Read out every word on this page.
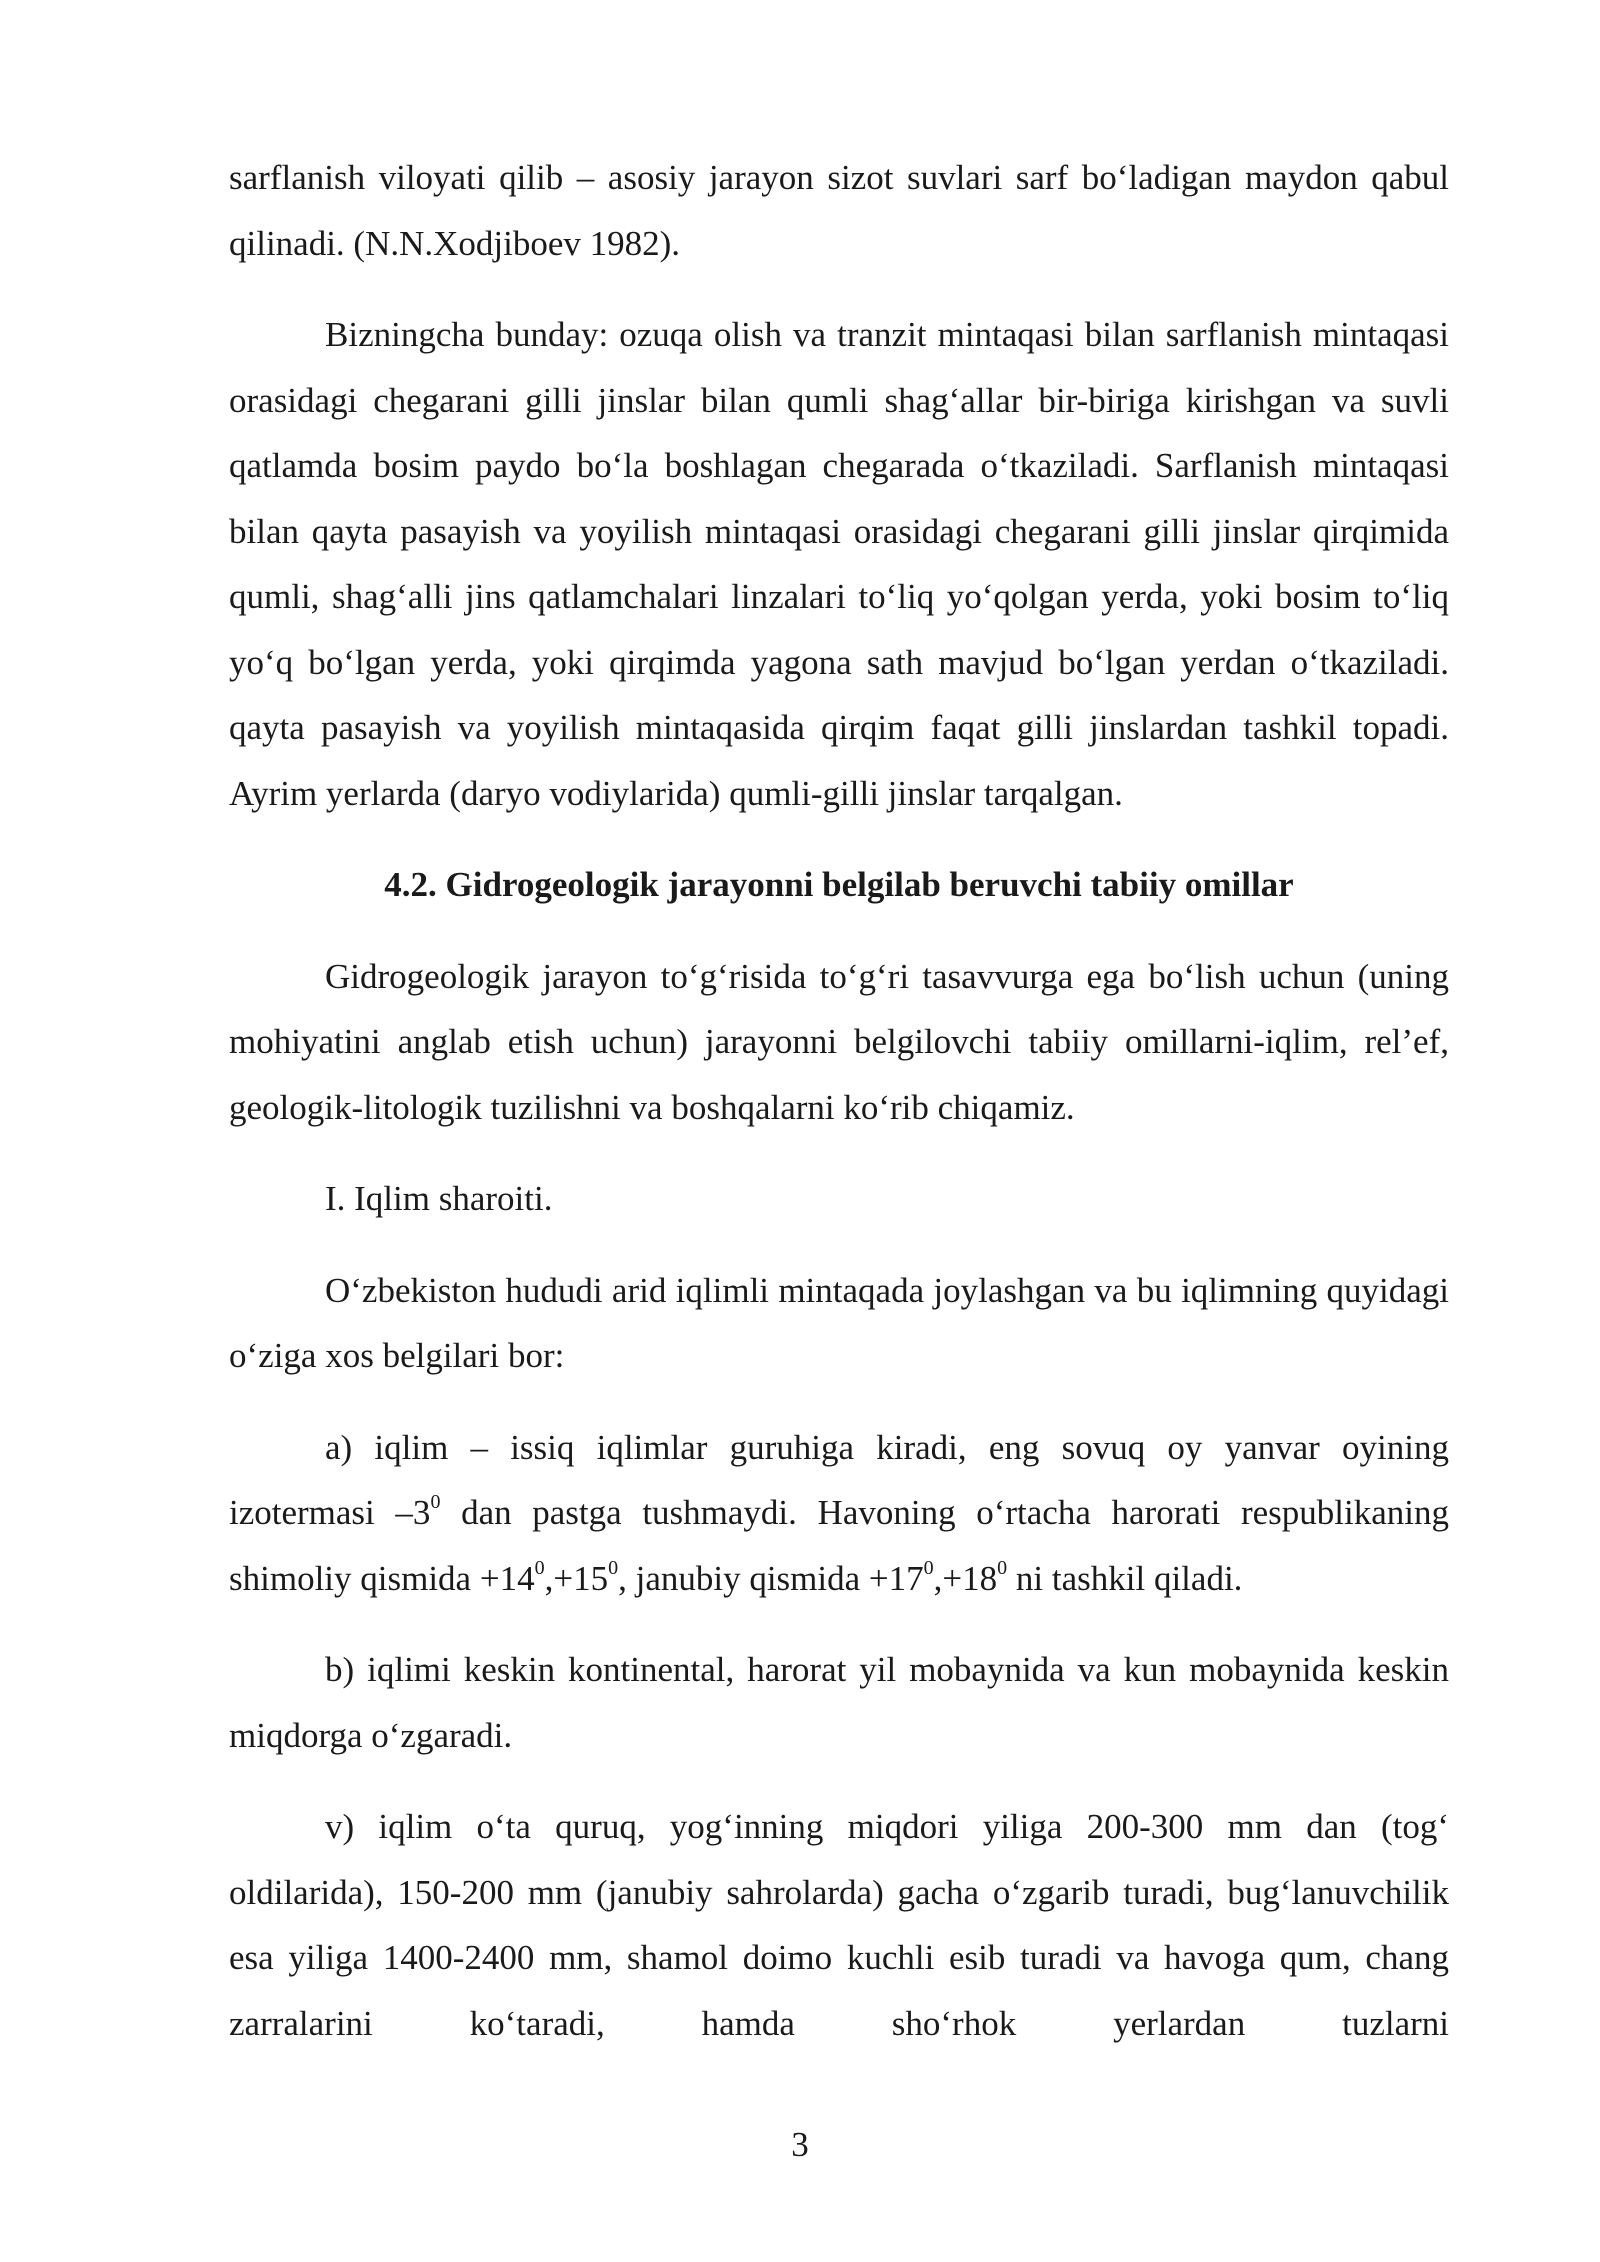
sarflanish viloyati qilib – asosiy jarayon sizot suvlari sarf bo‘ladigan maydon qabul qilinadi. (N.N.Xodjiboev 1982).

Bizningcha bunday: ozuqa olish va tranzit mintaqasi bilan sarflanish mintaqasi orasidagi chegarani gilli jinslar bilan qumli shag‘allar bir-biriga kirishgan va suvli qatlamda bosim paydo bo‘la boshlagan chegarada o‘tkaziladi. Sarflanish mintaqasi bilan qayta pasayish va yoyilish mintaqasi orasidagi chegarani gilli jinslar qirqimida qumli, shag‘alli jins qatlamchalari linzalari to‘liq yo‘qolgan yerda, yoki bosim to‘liq yo‘q bo‘lgan yerda, yoki qirqimda yagona sath mavjud bo‘lgan yerdan o‘tkaziladi. qayta pasayish va yoyilish mintaqasida qirqim faqat gilli jinslardan tashkil topadi. Ayrim yerlarda (daryo vodiylarida) qumli-gilli jinslar tarqalgan.

4.2. Gidrogeologik jarayonni belgilab beruvchi tabiiy omillar

Gidrogeologik jarayon to‘g‘risida to‘g‘ri tasavvurga ega bo‘lish uchun (uning mohiyatini anglab etish uchun) jarayonni belgilovchi tabiiy omillarni-iqlim, rel’ef, geologik-litologik tuzilishni va boshqalarni ko‘rib chiqamiz.

I. Iqlim sharoiti.

O‘zbekiston hududi arid iqlimli mintaqada joylashgan va bu iqlimning quyidagi o‘ziga xos belgilari bor:

a) iqlim – issiq iqlimlar guruhiga kiradi, eng sovuq oy yanvar oyining izotermasi $-3^0$ dan pastga tushmaydi. Havoning o‘rtacha harorati respublikaning shimoliy qismida $+14^0,+15^0$, janubiy qismida $+17^0,+18^0$ ni tashkil qiladi.

b) iqlimi keskin kontinental, harorat yil mobaynida va kun mobaynida keskin miqdorga o‘zgaradi.

v) iqlim o‘ta quruq, yog‘inning miqdori yiliga 200-300 mm dan (tog‘ oldilarida), 150-200 mm (janubiy sahrolarda) gacha o‘zgarib turadi, bug‘lanuvchilik esa yiliga 1400-2400 mm, shamol doimo kuchli esib turadi va havoga qum, chang zarralarini ko‘taradi, hamda sho‘rhok yerlardan tuzlarni

3
